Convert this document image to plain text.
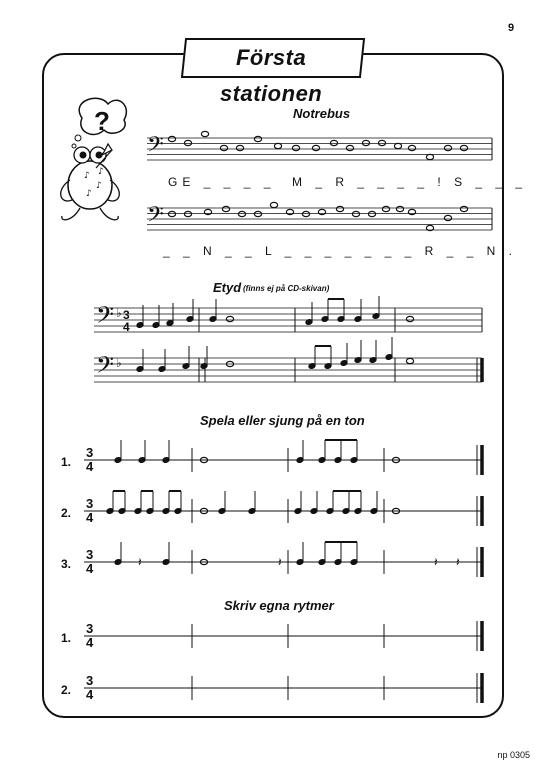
9
𝄢
𝄢
𝄢 ♭ 3
4
𝄢 ♭
3
4
3
4
3
4	𝄽	𝄽	𝄽 𝄽
3
4
3
4
?
♪
♪
♪
♪
Första stationen
Notrebus
GE _ _ _ _  M _ R _ _ _ _ ! S _ _ _
_ _ N _ _ L _ _ _ _ _ _ _ R _ _ N .
Etyd (finns ej på CD-skivan)
Spela eller sjung på en ton
Skriv egna rytmer
1.
2.
3.
1.
2.
np 0305
